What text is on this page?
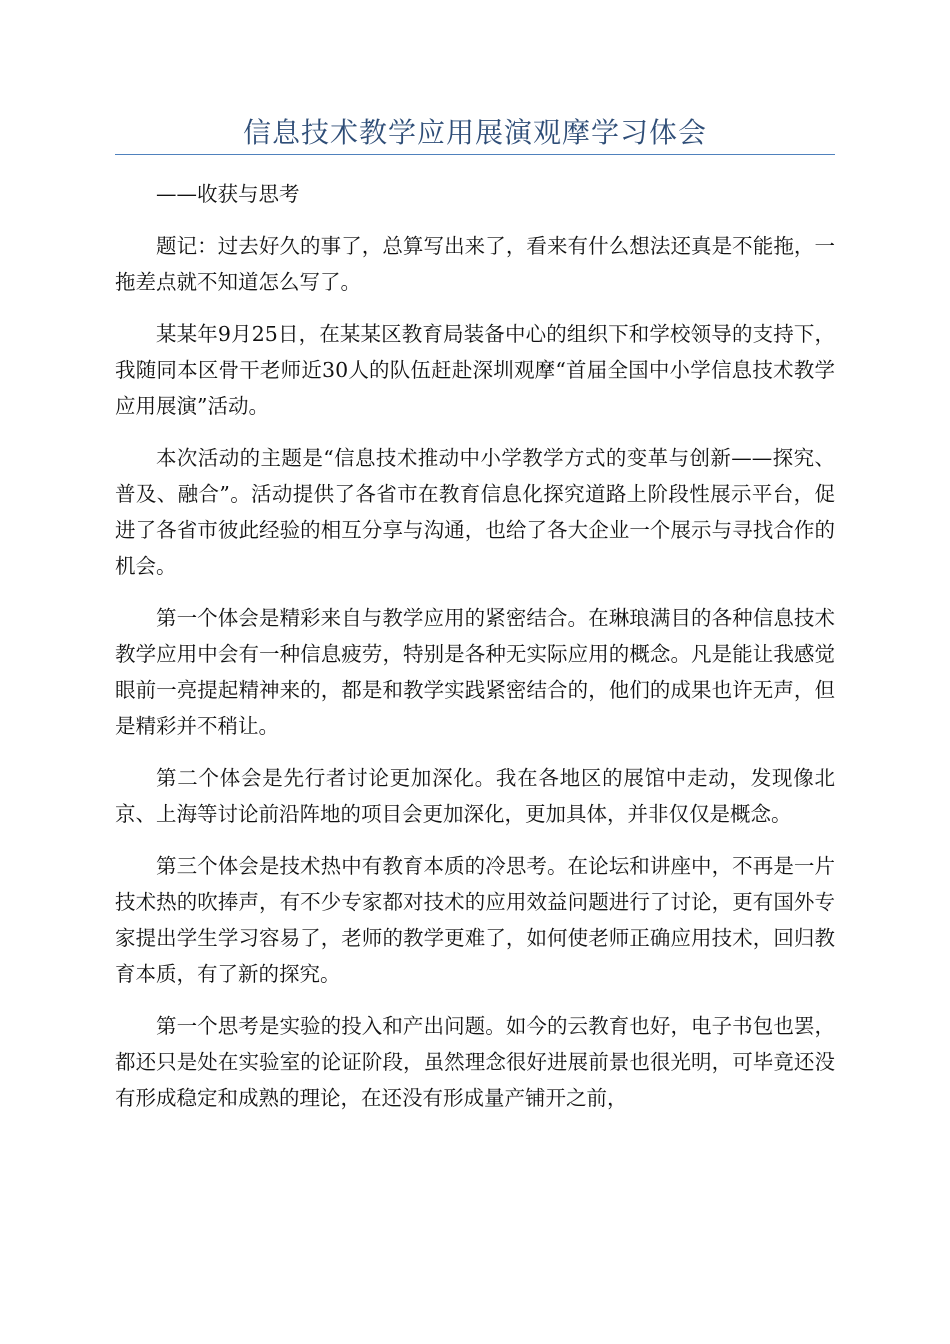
信息技术教学应用展演观摩学习体会

——收获与思考

题记：过去好久的事了，总算写出来了，看来有什么想法还真是不能拖，一拖差点就不知道怎么写了。

某某年9月25日，在某某区教育局装备中心的组织下和学校领导的支持下，我随同本区骨干老师近30人的队伍赶赴深圳观摩“首届全国中小学信息技术教学应用展演”活动。

本次活动的主题是“信息技术推动中小学教学方式的变革与创新——探究、普及、融合”。活动提供了各省市在教育信息化探究道路上阶段性展示平台，促进了各省市彼此经验的相互分享与沟通，也给了各大企业一个展示与寻找合作的机会。

第一个体会是精彩来自与教学应用的紧密结合。在琳琅满目的各种信息技术教学应用中会有一种信息疲劳，特别是各种无实际应用的概念。凡是能让我感觉眼前一亮提起精神来的，都是和教学实践紧密结合的，他们的成果也许无声，但是精彩并不稍让。

第二个体会是先行者讨论更加深化。我在各地区的展馆中走动，发现像北京、上海等讨论前沿阵地的项目会更加深化，更加具体，并非仅仅是概念。

第三个体会是技术热中有教育本质的冷思考。在论坛和讲座中，不再是一片技术热的吹捧声，有不少专家都对技术的应用效益问题进行了讨论，更有国外专家提出学生学习容易了，老师的教学更难了，如何使老师正确应用技术，回归教育本质，有了新的探究。

第一个思考是实验的投入和产出问题。如今的云教育也好，电子书包也罢，都还只是处在实验室的论证阶段，虽然理念很好进展前景也很光明，可毕竟还没有形成稳定和成熟的理论，在还没有形成量产铺开之前，
